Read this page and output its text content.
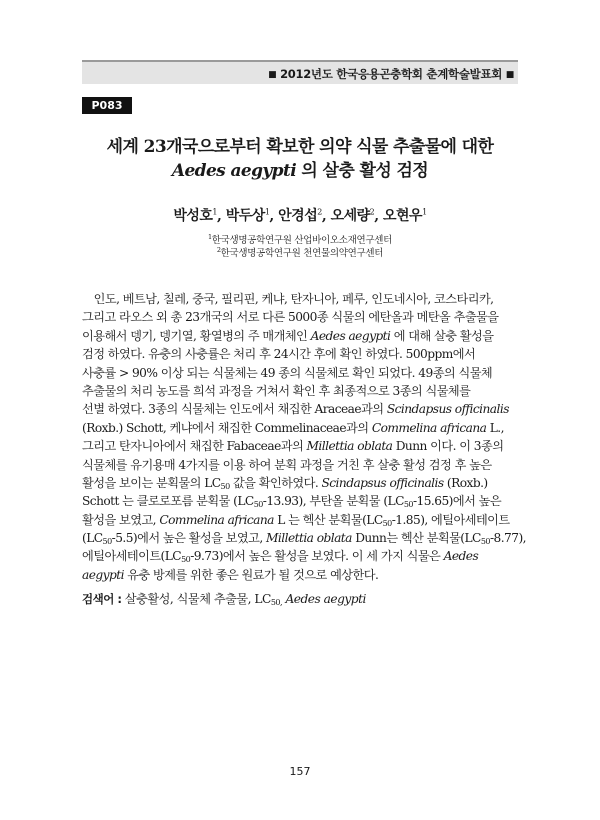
■ 2012년도 한국응용곤충학회 춘계학술발표회 ■
P083
세계 23개국으로부터 확보한 의약 식물 추출물에 대한
Aedes aegypti 의 살충 활성 검정
박성호$^1$, 박두상$^1$, 안경섭$^2$, 오세량$^2$, 오현우$^1$
$^1$한국생명공학연구원 산업바이오소재연구센터
$^2$한국생명공학연구원 천연물의약연구센터
 인도, 베트남, 칠레, 중국, 필리핀, 케냐, 탄자니아, 페루, 인도네시아, 코스타리카,
그리고 라오스 외 총 23개국의 서로 다른 5000종 식물의 에탄올과 메탄올 추출물을
이용해서 뎅기, 뎅기열, 황열병의 주 매개체인 Aedes aegypti 에 대해 살충 활성을
검정 하였다. 유충의 사충률은 처리 후 24시간 후에 확인 하였다. 500ppm에서
사충률 > 90% 이상 되는 식물체는 49 종의 식물체로 확인 되었다. 49종의 식물체
추출물의 처리 농도를 희석 과정을 거쳐서 확인 후 최종적으로 3종의 식물체를
선별 하였다. 3종의 식물체는 인도에서 채집한 Araceae과의 Scindapsus officinalis
(Roxb.) Schott, 케냐에서 채집한 Commelinaceae과의 Commelina africana L.,
그리고 탄자니아에서 채집한 Fabaceae과의 Millettia oblata Dunn 이다. 이 3종의
식물체를 유기용매 4가지를 이용 하여 분획 과정을 거친 후 살충 활성 검정 후 높은
활성을 보이는 분획물의 $LC_{50}$ 값을 확인하였다. Scindapsus officinalis (Roxb.)
Schott 는 클로로포름 분획물 $(LC_{50}-13.93)$, 부탄올 분획물 $(LC_{50}-15.65)$에서 높은
활성을 보였고, Commelina africana L 는 헥산 분획물$(LC_{50}-1.85)$, 에틸아세테이트
$(LC_{50}-5.5)$에서 높은 활성을 보였고, Millettia oblata Dunn는 헥산 분획물$(LC_{50}-8.77)$,
에틸아세테이트$(LC_{50}-9.73)$에서 높은 활성을 보였다. 이 세 가지 식물은 Aedes
aegypti 유충 방제를 위한 좋은 원료가 될 것으로 예상한다.
검색어 : 살충활성, 식물체 추출물, $LC_{50,}$ Aedes aegypti
157
